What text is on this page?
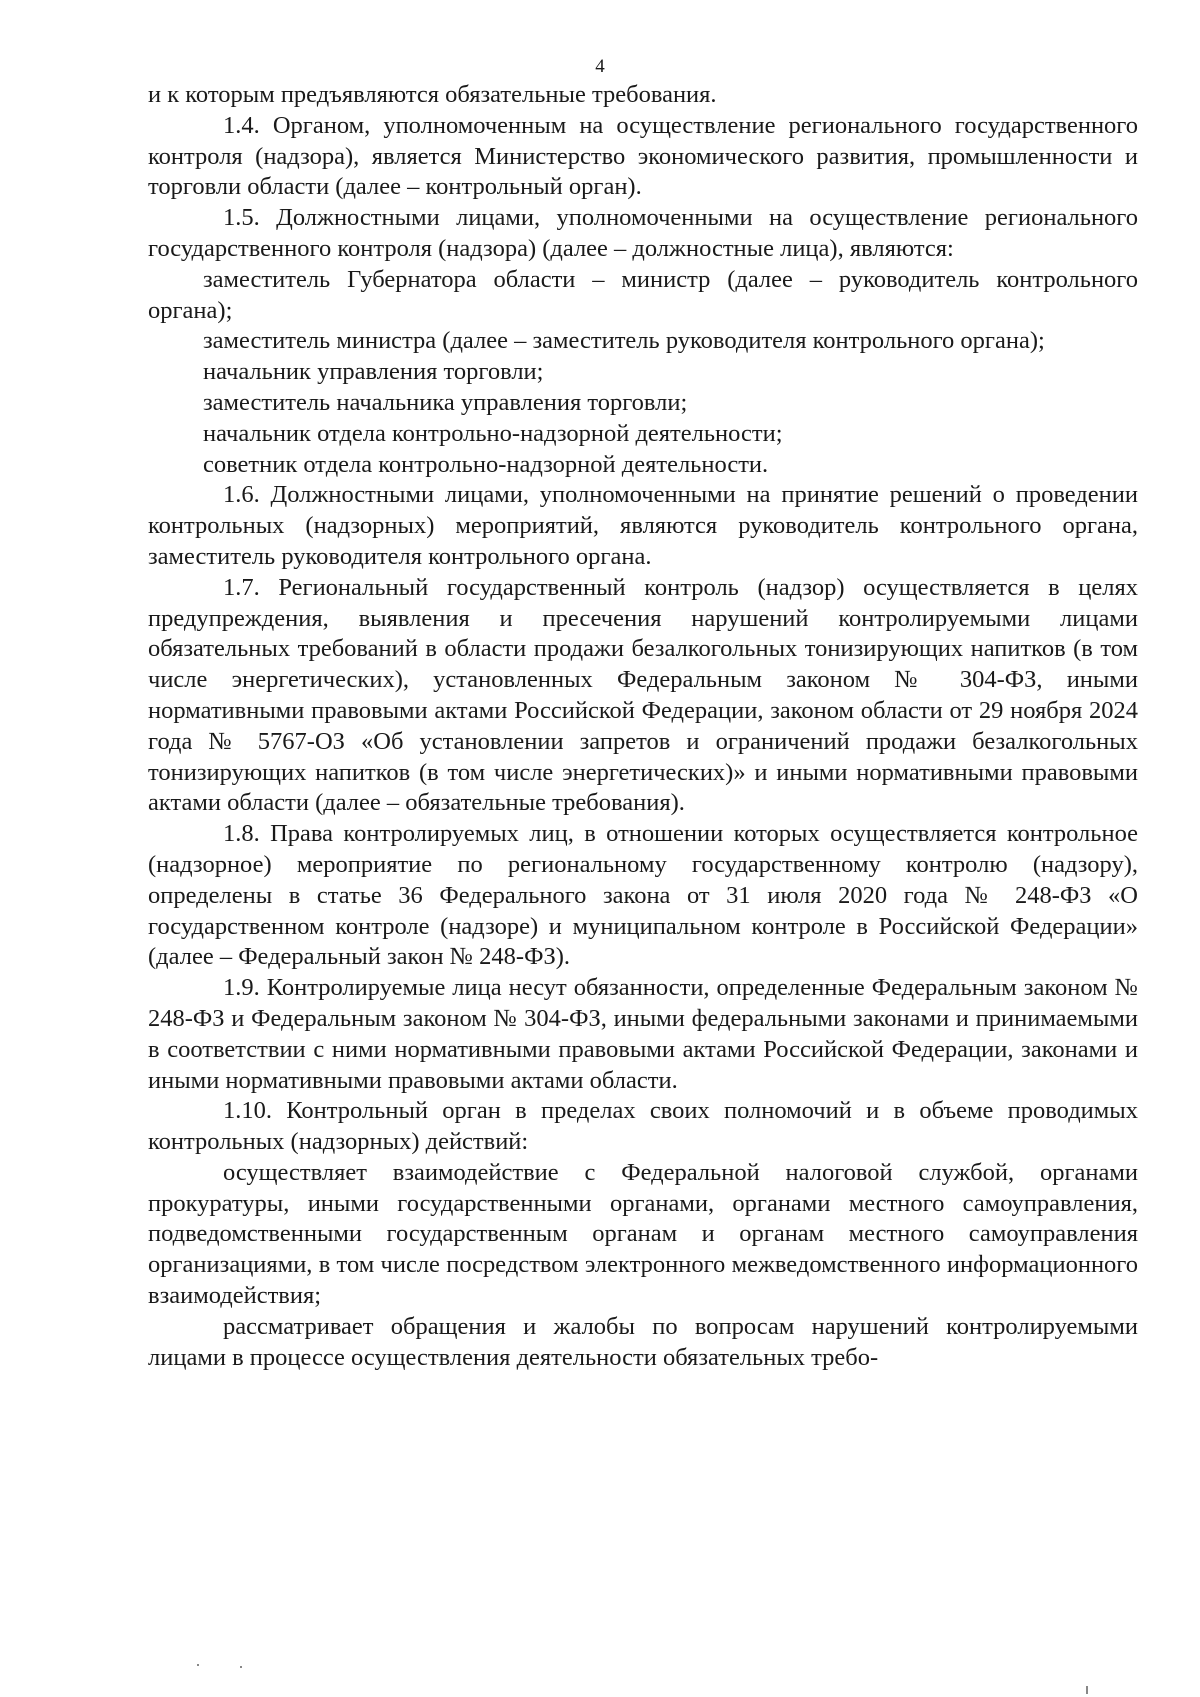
4

и к которым предъявляются обязательные требования.

1.4. Органом, уполномоченным на осуществление регионального государственного контроля (надзора), является Министерство экономического развития, промышленности и торговли области (далее – контрольный орган).

1.5. Должностными лицами, уполномоченными на осуществление регионального государственного контроля (надзора) (далее – должностные лица), являются:

заместитель Губернатора области – министр (далее – руководитель контрольного органа);

заместитель министра (далее – заместитель руководителя контрольного органа);

начальник управления торговли;

заместитель начальника управления торговли;

начальник отдела контрольно-надзорной деятельности;

советник отдела контрольно-надзорной деятельности.

1.6. Должностными лицами, уполномоченными на принятие решений о проведении контрольных (надзорных) мероприятий, являются руководитель контрольного органа, заместитель руководителя контрольного органа.

1.7. Региональный государственный контроль (надзор) осуществляется в целях предупреждения, выявления и пресечения нарушений контролируемыми лицами обязательных требований в области продажи безалкогольных тонизирующих напитков (в том числе энергетических), установленных Федеральным законом № 304-ФЗ, иными нормативными правовыми актами Российской Федерации, законом области от 29 ноября 2024 года № 5767-ОЗ «Об установлении запретов и ограничений продажи безалкогольных тонизирующих напитков (в том числе энергетических)» и иными нормативными правовыми актами области (далее – обязательные требования).

1.8. Права контролируемых лиц, в отношении которых осуществляется контрольное (надзорное) мероприятие по региональному государственному контролю (надзору), определены в статье 36 Федерального закона от 31 июля 2020 года № 248-ФЗ «О государственном контроле (надзоре) и муниципальном контроле в Российской Федерации» (далее – Федеральный закон № 248-ФЗ).

1.9. Контролируемые лица несут обязанности, определенные Федеральным законом № 248-ФЗ и Федеральным законом № 304-ФЗ, иными федеральными законами и принимаемыми в соответствии с ними нормативными правовыми актами Российской Федерации, законами и иными нормативными правовыми актами области.

1.10. Контрольный орган в пределах своих полномочий и в объеме проводимых контрольных (надзорных) действий:

осуществляет взаимодействие с Федеральной налоговой службой, органами прокуратуры, иными государственными органами, органами местного самоуправления, подведомственными государственным органам и органам местного самоуправления организациями, в том числе посредством электронного межведомственного информационного взаимодействия;

рассматривает обращения и жалобы по вопросам нарушений контролируемыми лицами в процессе осуществления деятельности обязательных требо-
